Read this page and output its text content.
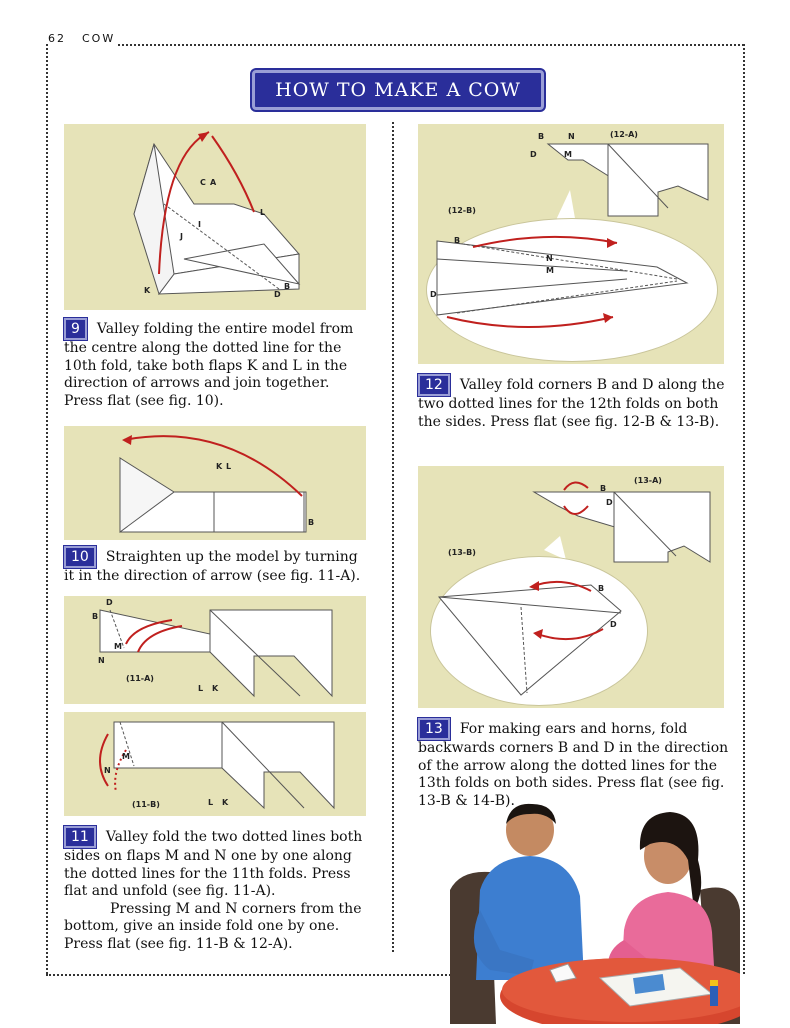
62 COW
HOW TO MAKE A COW
C A
L
I
J
K	D
B
9 Valley folding the entire model from the centre along the dotted line for the 10th fold, take both flaps K and L in the direction of arrows and join together. Press flat (see fig. 10).
K L
B
10 Straighten up the model by turning it in the direction of arrow (see fig. 11-A).
D
B
M
N
(11-A)
L K
M
N
(11-B)	L K
11 Valley fold the two dotted lines both sides on flaps M and N one by one along the dotted lines for the 11th folds. Press flat and unfold (see fig. 11-A).
Pressing M and N corners from the bottom, give an inside fold one by one. Press flat (see fig. 11-B & 12-A).
B	N
D	M
(12-A)
(12-B)
B
N
M
D
12 Valley fold corners B and D along the two dotted lines for the 12th folds on both the sides. Press flat (see fig. 12-B & 13-B).
B
D
(13-A)
(13-B)
B
D
13 For making ears and horns, fold backwards corners B and D in the direction of the arrow along the dotted lines for the 13th folds on both sides. Press flat (see fig. 13-B & 14-B).
